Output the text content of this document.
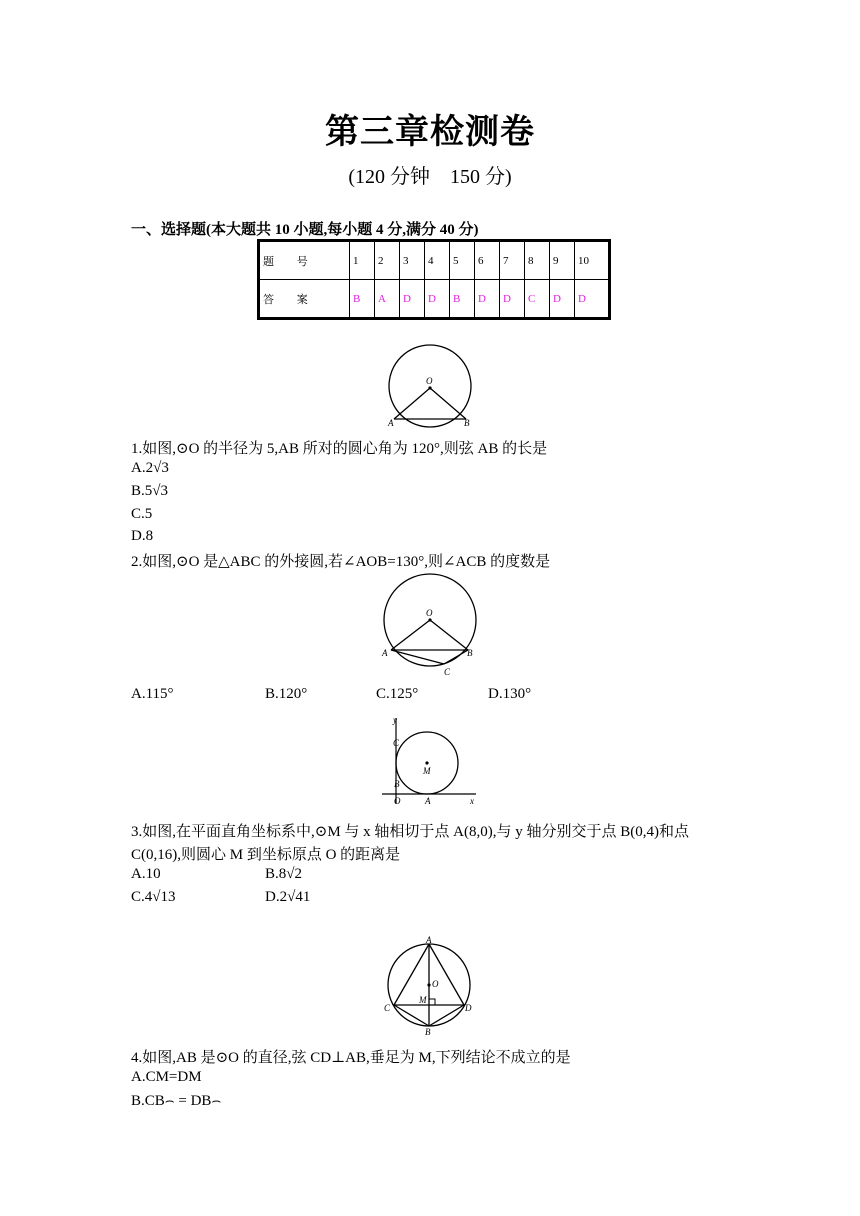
第三章检测卷
(120 分钟    150 分)
一、选择题(本大题共 10 小题,每小题 4 分,满分 40 分)
题 号	1	2	3	4	5	6	7	8	9	10
答 案	B	A	D	D	B	D	D	C	D	D
O
A	B
1.如图,⊙O 的半径为 5,AB 所对的圆心角为 120°,则弦 AB 的长是
A.2√3
B.5√3
C.5
D.8
2.如图,⊙O 是△ABC 的外接圆,若∠AOB=130°,则∠ACB 的度数是
O
A	B
C
A.115°	B.120°	C.125°	D.130°
y
x
C
M
B
O	A
3.如图,在平面直角坐标系中,⊙M 与 x 轴相切于点 A(8,0),与 y 轴分别交于点 B(0,4)和点
C(0,16),则圆心 M 到坐标原点 O 的距离是
A.10	B.8√2
C.4√13	D.2√41
A
O
M
C	D
B
4.如图,AB 是⊙O 的直径,弦 CD⊥AB,垂足为 M,下列结论不成立的是
A.CM=DM
B.CB⌢ = DB⌢
